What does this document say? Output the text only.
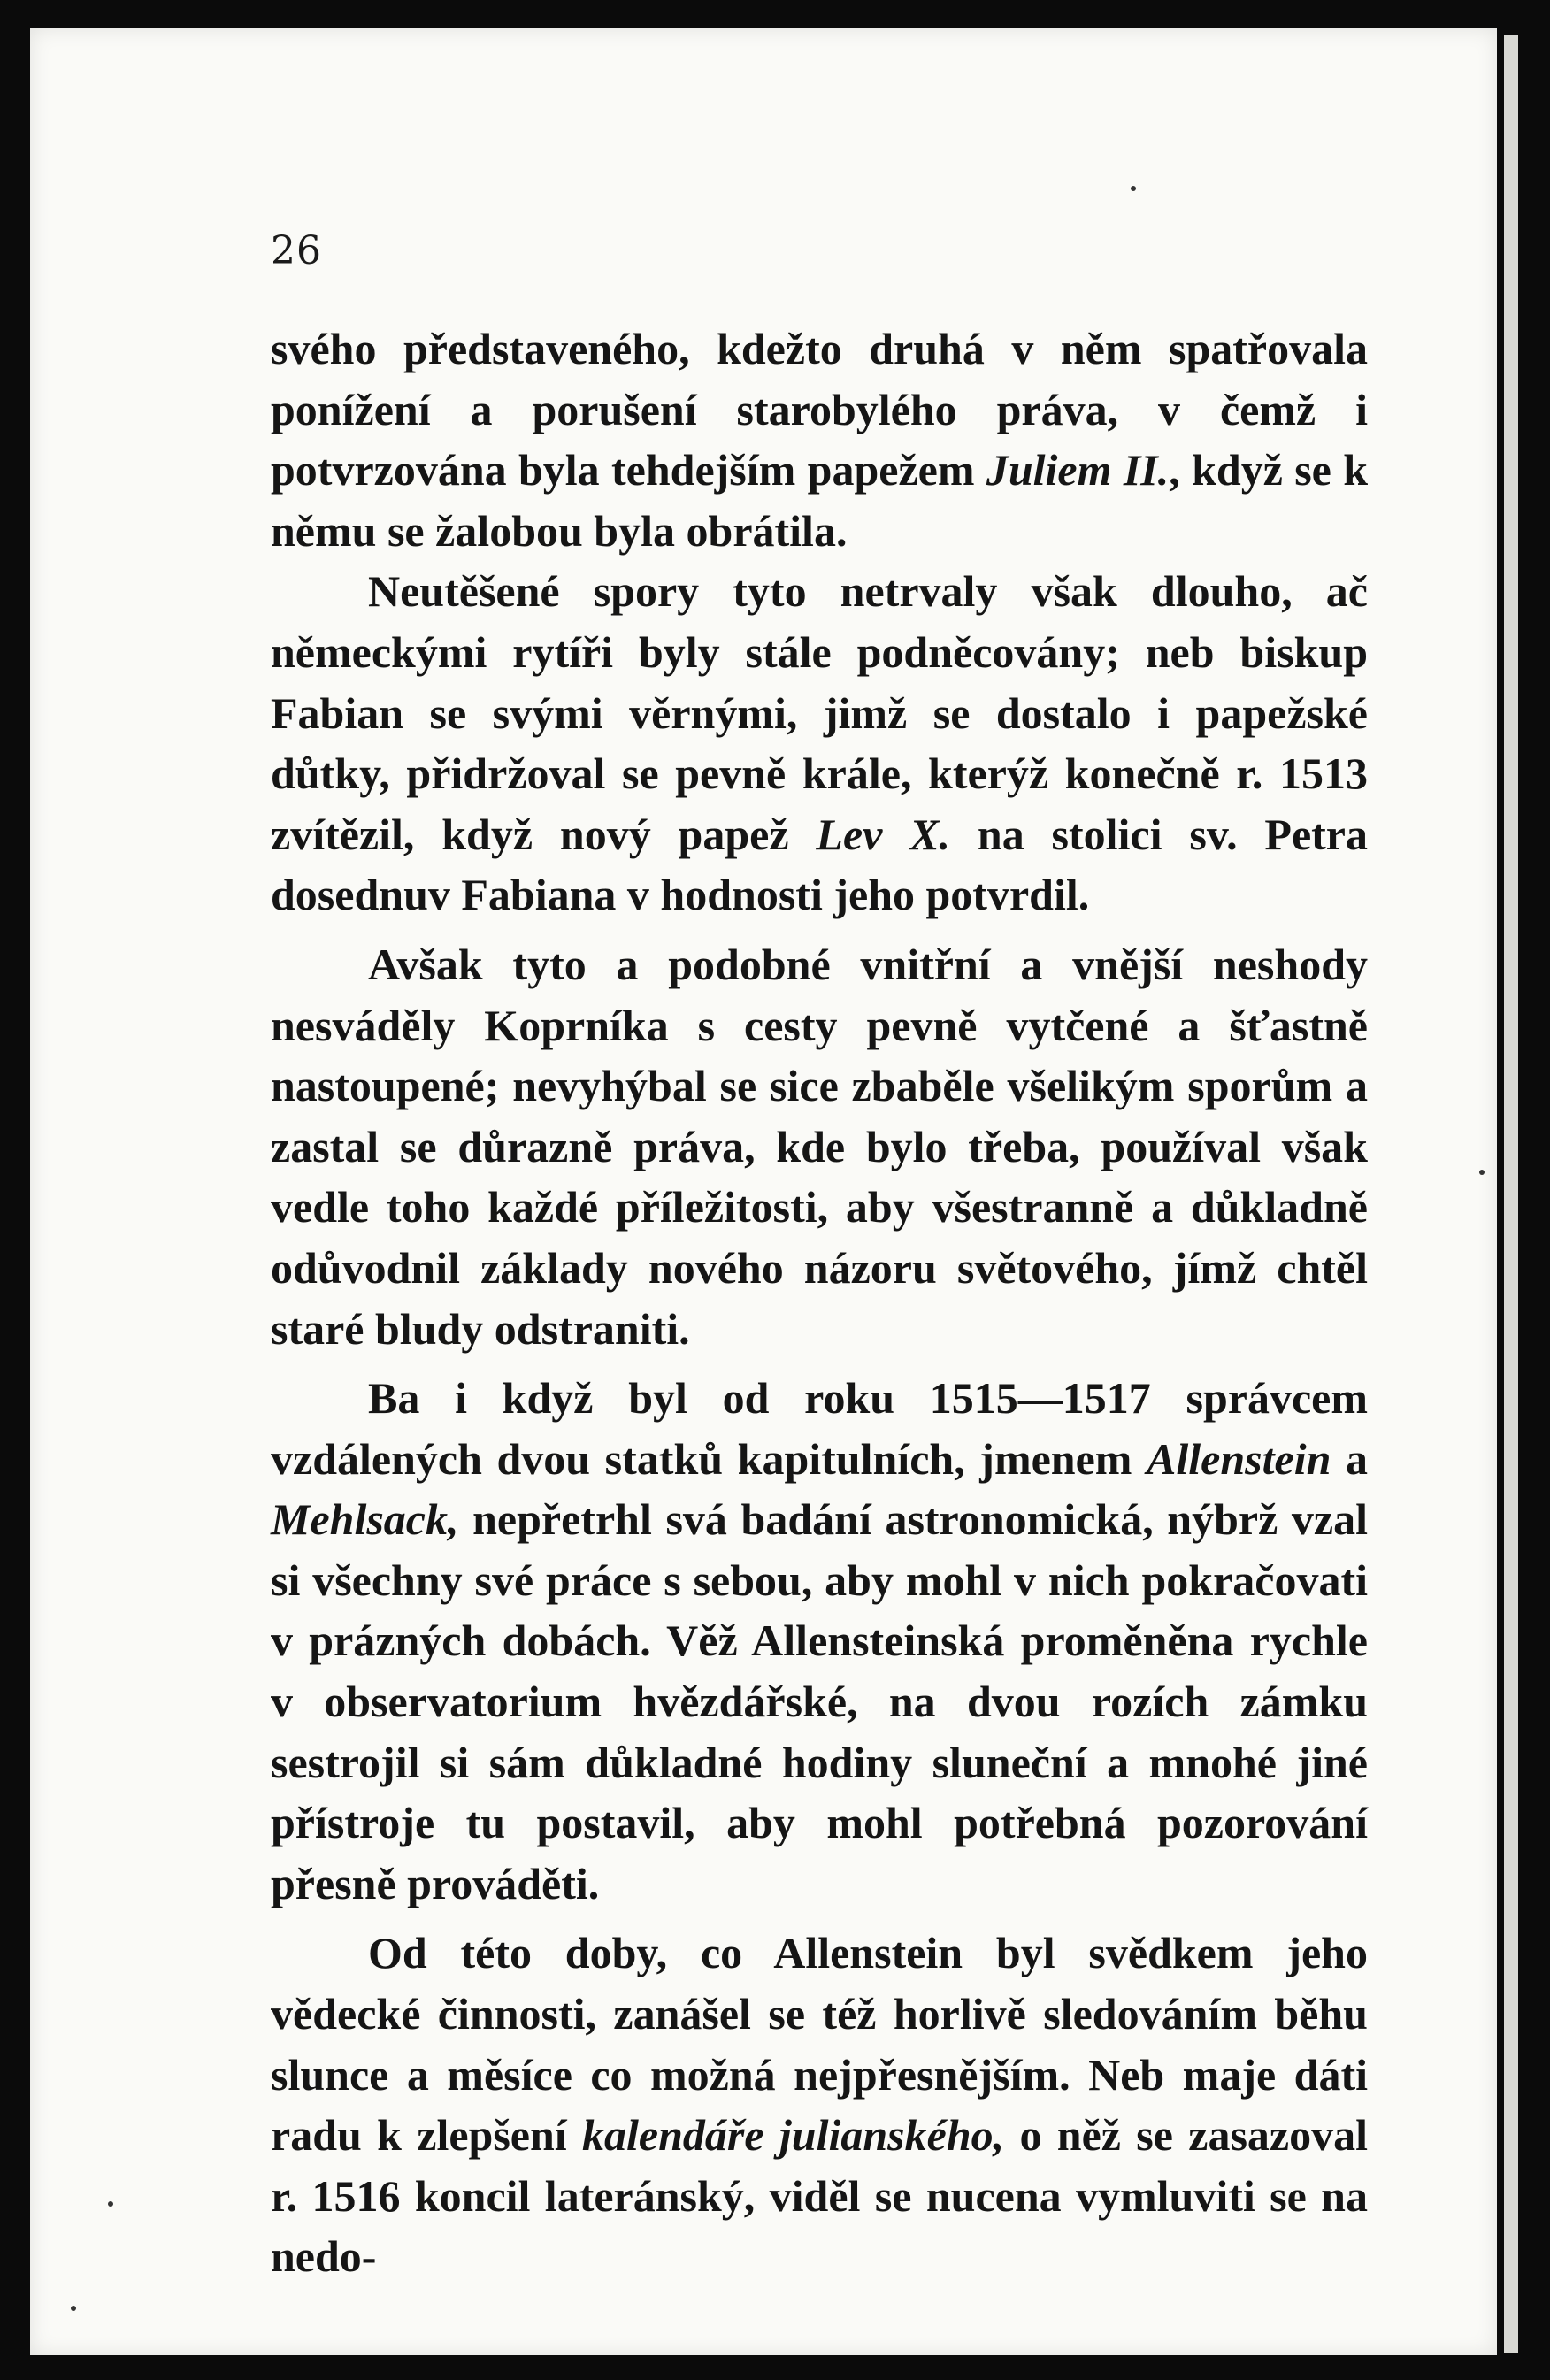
26

svého představeného, kdežto druhá v něm spatřovala ponížení a porušení starobylého práva, v čemž i potvrzována byla tehdejším papežem Juliem II., když se k němu se žalobou byla obrátila.

Neutěšené spory tyto netrvaly však dlouho, ač německými rytíři byly stále podněcovány; neb biskup Fabian se svými věrnými, jimž se dostalo i papežské důtky, přidržoval se pevně krále, kterýž konečně r. 1513 zvítězil, když nový papež Lev X. na stolici sv. Petra dosednuv Fabiana v hodnosti jeho potvrdil.

Avšak tyto a podobné vnitřní a vnější neshody nesváděly Koprníka s cesty pevně vytčené a šťastně nastoupené; nevyhýbal se sice zbaběle všelikým sporům a zastal se důrazně práva, kde bylo třeba, používal však vedle toho každé příležitosti, aby všestranně a důkladně odůvodnil základy nového názoru světového, jímž chtěl staré bludy odstraniti.

Ba i když byl od roku 1515—1517 správcem vzdálených dvou statků kapitulních, jmenem Allenstein a Mehlsack, nepřetrhl svá badání astronomická, nýbrž vzal si všechny své práce s sebou, aby mohl v nich pokračovati v prázných dobách. Věž Allensteinská proměněna rychle v observatorium hvězdářské, na dvou rozích zámku sestrojil si sám důkladné hodiny sluneční a mnohé jiné přístroje tu postavil, aby mohl potřebná pozorování přesně prováděti.

Od této doby, co Allenstein byl svědkem jeho vědecké činnosti, zanášel se též horlivě sledováním běhu slunce a měsíce co možná nejpřesnějším. Neb maje dáti radu k zlepšení kalendáře julianského, o něž se zasazoval r. 1516 koncil lateránský, viděl se nucena vymluviti se na nedo-
